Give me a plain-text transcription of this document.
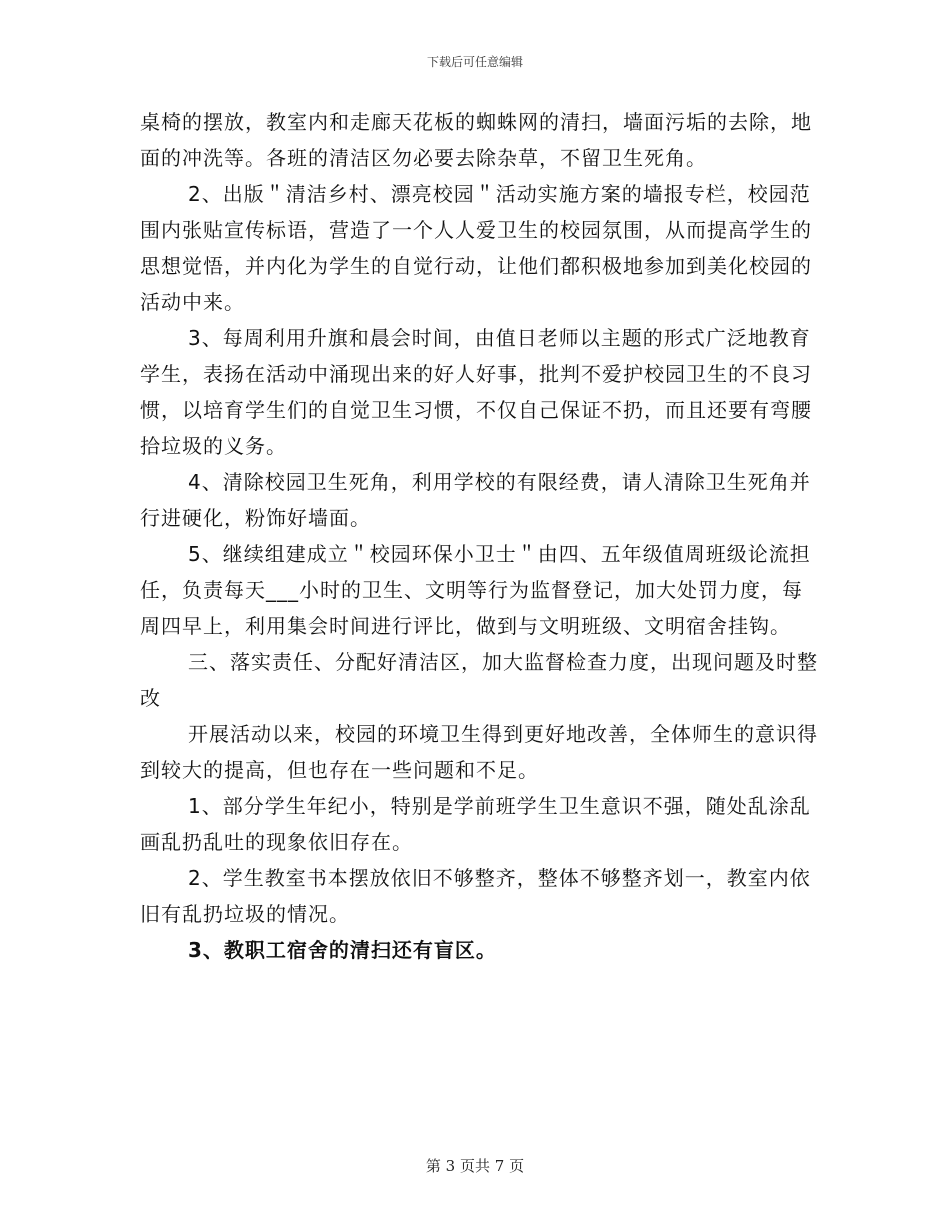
下载后可任意编辑

桌椅的摆放，教室内和走廊天花板的蜘蛛网的清扫，墙面污垢的去除，地面的冲洗等。各班的清洁区勿必要去除杂草，不留卫生死角。

2、出版＂清洁乡村、漂亮校园＂活动实施方案的墙报专栏，校园范围内张贴宣传标语，营造了一个人人爱卫生的校园氛围，从而提高学生的思想觉悟，并内化为学生的自觉行动，让他们都积极地参加到美化校园的活动中来。

3、每周利用升旗和晨会时间，由值日老师以主题的形式广泛地教育学生，表扬在活动中涌现出来的好人好事，批判不爱护校园卫生的不良习惯，以培育学生们的自觉卫生习惯，不仅自己保证不扔，而且还要有弯腰拾垃圾的义务。

4、清除校园卫生死角，利用学校的有限经费，请人清除卫生死角并行进硬化，粉饰好墙面。

5、继续组建成立＂校园环保小卫士＂由四、五年级值周班级论流担任，负责每天___小时的卫生、文明等行为监督登记，加大处罚力度，每周四早上，利用集会时间进行评比，做到与文明班级、文明宿舍挂钩。

三、落实责任、分配好清洁区，加大监督检查力度，出现问题及时整改

开展活动以来，校园的环境卫生得到更好地改善，全体师生的意识得到较大的提高，但也存在一些问题和不足。

1、部分学生年纪小，特别是学前班学生卫生意识不强，随处乱涂乱画乱扔乱吐的现象依旧存在。

2、学生教室书本摆放依旧不够整齐，整体不够整齐划一，教室内依旧有乱扔垃圾的情况。

3、教职工宿舍的清扫还有盲区。

第 3 页共 7 页
